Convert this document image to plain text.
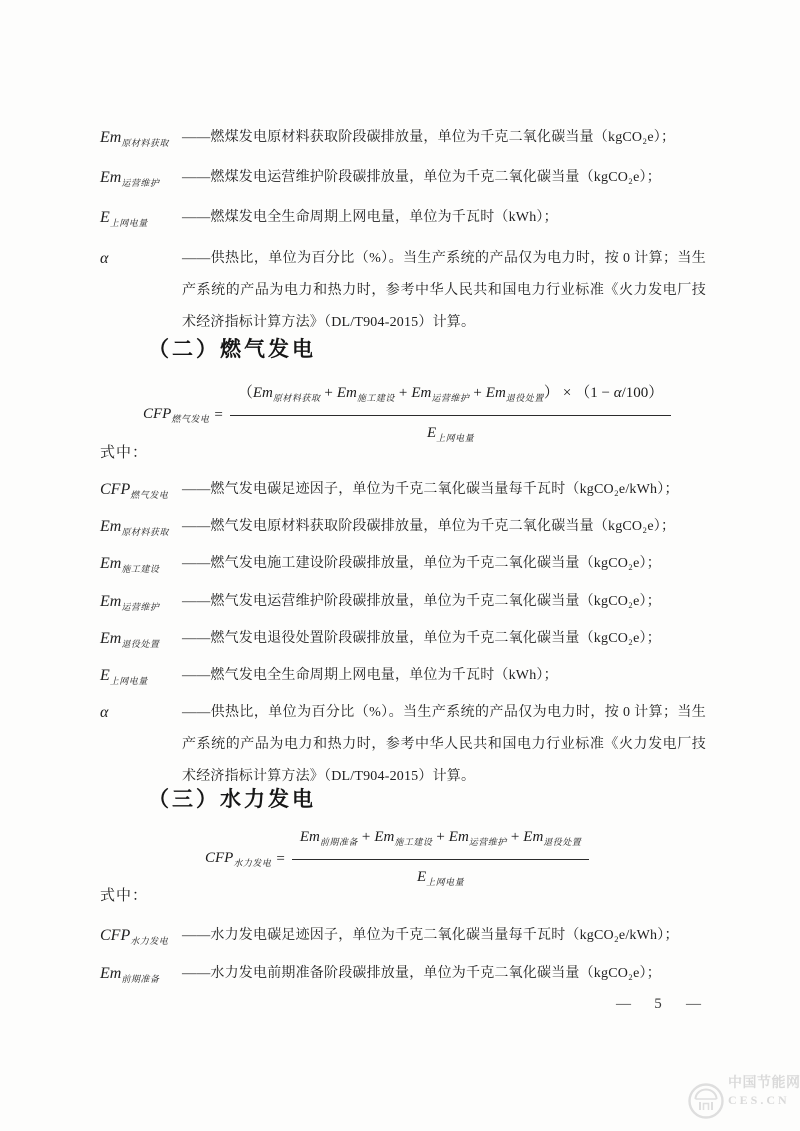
$Em_{原材料获取}$ ——燃煤发电原材料获取阶段碳排放量，单位为千克二氧化碳当量（kgCO₂e）；
$Em_{运营维护}$	——燃煤发电运营维护阶段碳排放量，单位为千克二氧化碳当量（kgCO₂e）；
$E_{上网电量}$	——燃煤发电全生命周期上网电量，单位为千瓦时（kWh）；
α	——供热比，单位为百分比（%）。当生产系统的产品仅为电力时，按 0 计算；当生产系统的产品为电力和热力时，参考中华人民共和国电力行业标准《火力发电厂技术经济指标计算方法》（DL/T904-2015）计算。
（二）燃气发电
$CFP_{燃气发电} = \frac{(Em_{原材料获取} + Em_{施工建设} + Em_{运营维护} + Em_{退役处置}) \times (1 - \alpha/100)}{E_{上网电量}}$
式中：
$CFP_{燃气发电}$ ——燃气发电碳足迹因子，单位为千克二氧化碳当量每千瓦时（kgCO₂e/kWh）；
$Em_{原材料获取}$ ——燃气发电原材料获取阶段碳排放量，单位为千克二氧化碳当量（kgCO₂e）；
$Em_{施工建设}$	——燃气发电施工建设阶段碳排放量，单位为千克二氧化碳当量（kgCO₂e）；
$Em_{运营维护}$	——燃气发电运营维护阶段碳排放量，单位为千克二氧化碳当量（kgCO₂e）；
$Em_{退役处置}$	——燃气发电退役处置阶段碳排放量，单位为千克二氧化碳当量（kgCO₂e）；
$E_{上网电量}$	——燃气发电全生命周期上网电量，单位为千瓦时（kWh）；
α	——供热比，单位为百分比（%）。当生产系统的产品仅为电力时，按 0 计算；当生产系统的产品为电力和热力时，参考中华人民共和国电力行业标准《火力发电厂技术经济指标计算方法》（DL/T904-2015）计算。
（三）水力发电
$CFP_{水力发电} = \frac{Em_{前期准备} + Em_{施工建设} + Em_{运营维护} + Em_{退役处置}}{E_{上网电量}}$
式中：
$CFP_{水力发电}$ ——水力发电碳足迹因子，单位为千克二氧化碳当量每千瓦时（kgCO₂e/kWh）；
$Em_{前期准备}$	——水力发电前期准备阶段碳排放量，单位为千克二氧化碳当量（kgCO₂e）；
— 5 —
中国节能网
CES.CN
